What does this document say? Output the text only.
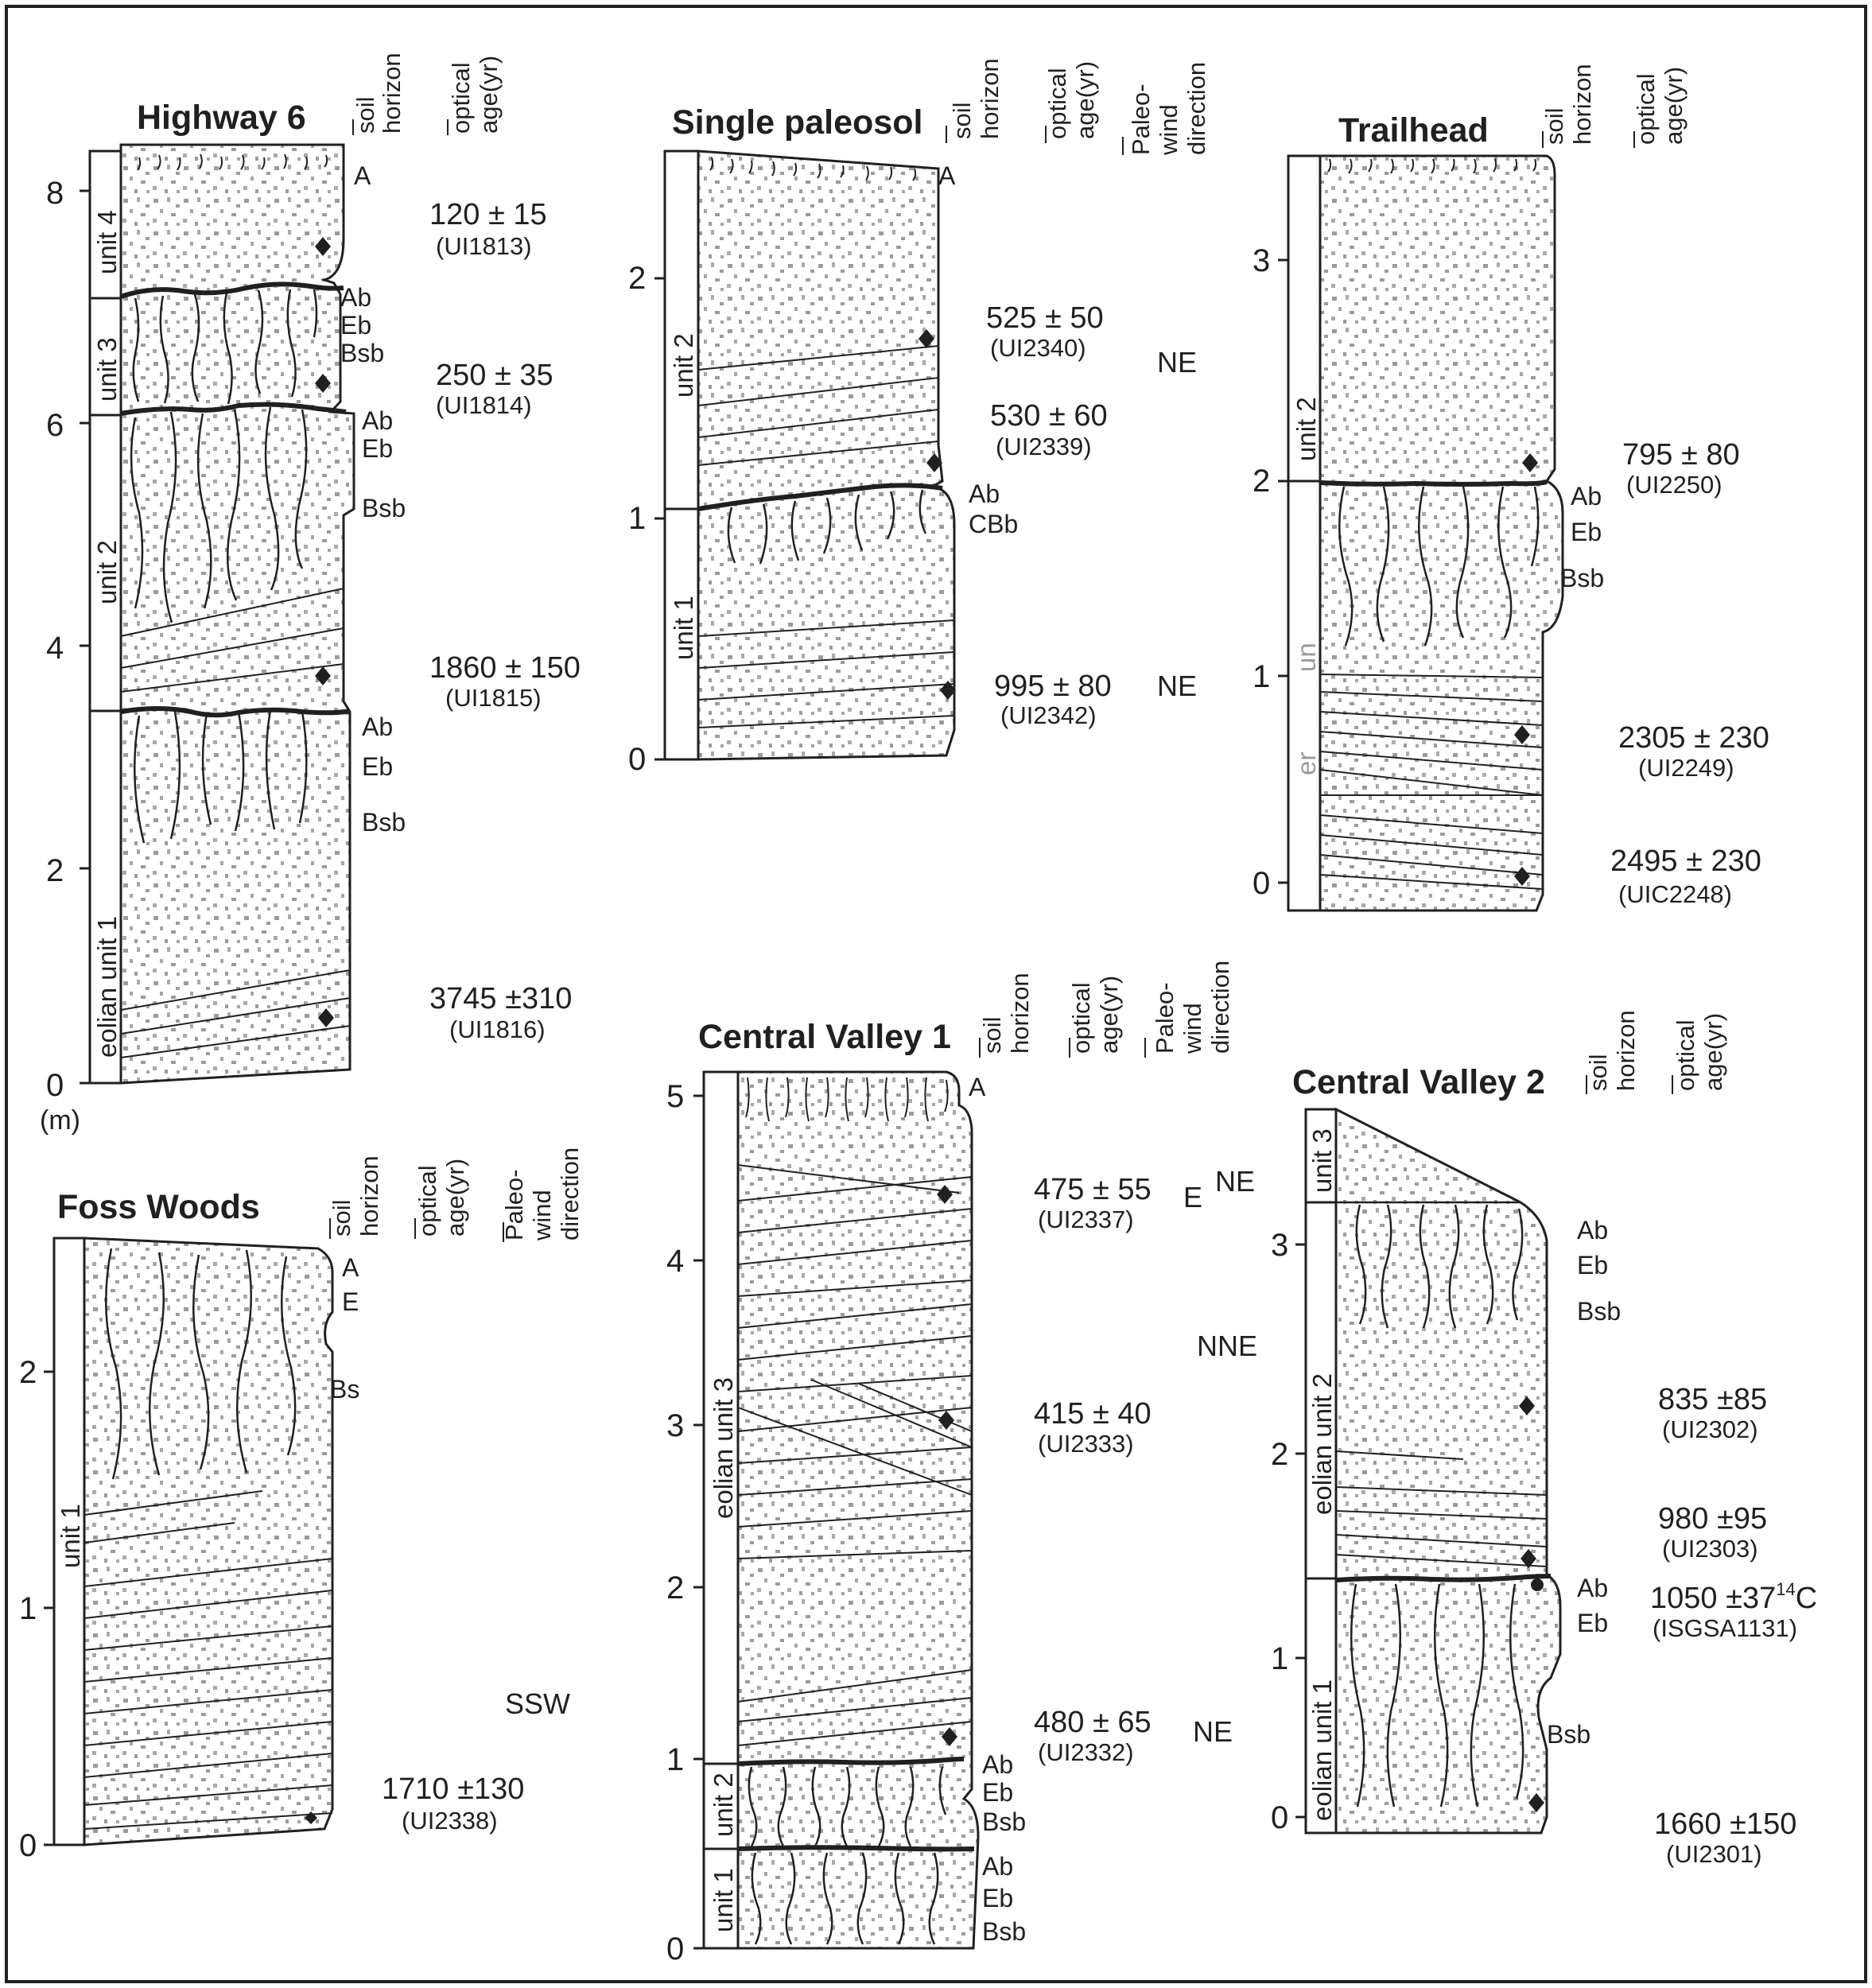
Highway 6 soil
horizon optical age(yr)
0
2
4
6
8
(m)
eolian unit 1
unit 2
unit 3
unit 4
A
Ab
Eb
Bsb
Ab
Eb
Bsb
Ab
Eb
Bsb
120 ± 15
(UI1813)
250 ± 35
(UI1814)
1860 ± 150
(UI1815)
3745 ±310
(UI1816)
Single paleosol soil horizon optical age(yr) Paleo- wind direction
0
1
2
unit 1
unit 2
A
Ab
CBb
525 ± 50
(UI2340)
530 ± 60
(UI2339)
995 ± 80
(UI2342)
NE
NE
Trailhead soil horizon optical age(yr)
0
1
2
3
unit 2
un
er
Ab
Eb
Bsb
795 ± 80
(UI2250)
2305 ± 230
(UI2249)
2495 ± 230
(UIC2248)
Foss Woods	soil horizon optical age(yr) Paleo- wind direction
0
1
2
unit 1
A
E
Bs
SSW
1710 ±130
(UI2338)
Central Valley 1 soil horizon optical age(yr) Paleo- wind direction
0
1
2
3
4
5
unit 1
unit 2
eolian unit 3
A
Ab
Eb
Bsb
Ab
Eb
Bsb
475 ± 55
(UI2337)
415 ± 40
(UI2333)
480 ± 65
(UI2332)
E NE
NNE
NE
Central Valley 2 soil horizon optical age(yr)
0
1
2
3
eolian unit 1
eolian unit 2
unit 3
Ab
Eb
Bsb
Ab
Eb
Bsb
835 ±85
(UI2302)
980 ±95
(UI2303)
$1050 \pm 37^{14}C$
(ISGSA1131)
1660 ±150
(UI2301)
